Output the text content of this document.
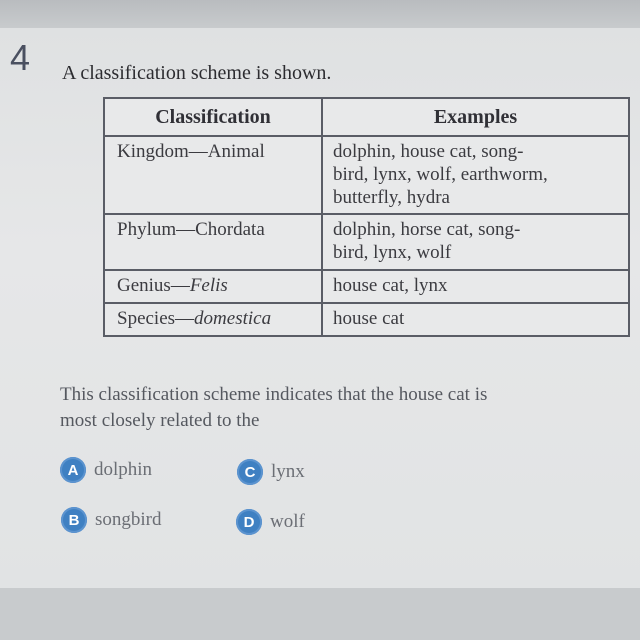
4 A classification scheme is shown.
Classification	Examples
Kingdom—Animal	dolphin, house cat, song-
bird, lynx, wolf, earthworm,
butterfly, hydra

Phylum—Chordata	dolphin, horse cat, song-
bird, lynx, wolf

Genius—Felis	house cat, lynx

Species—domestica	house cat
This classification scheme indicates that the house cat is
most closely related to the
A dolphin	C lynx
B songbird	D wolf
